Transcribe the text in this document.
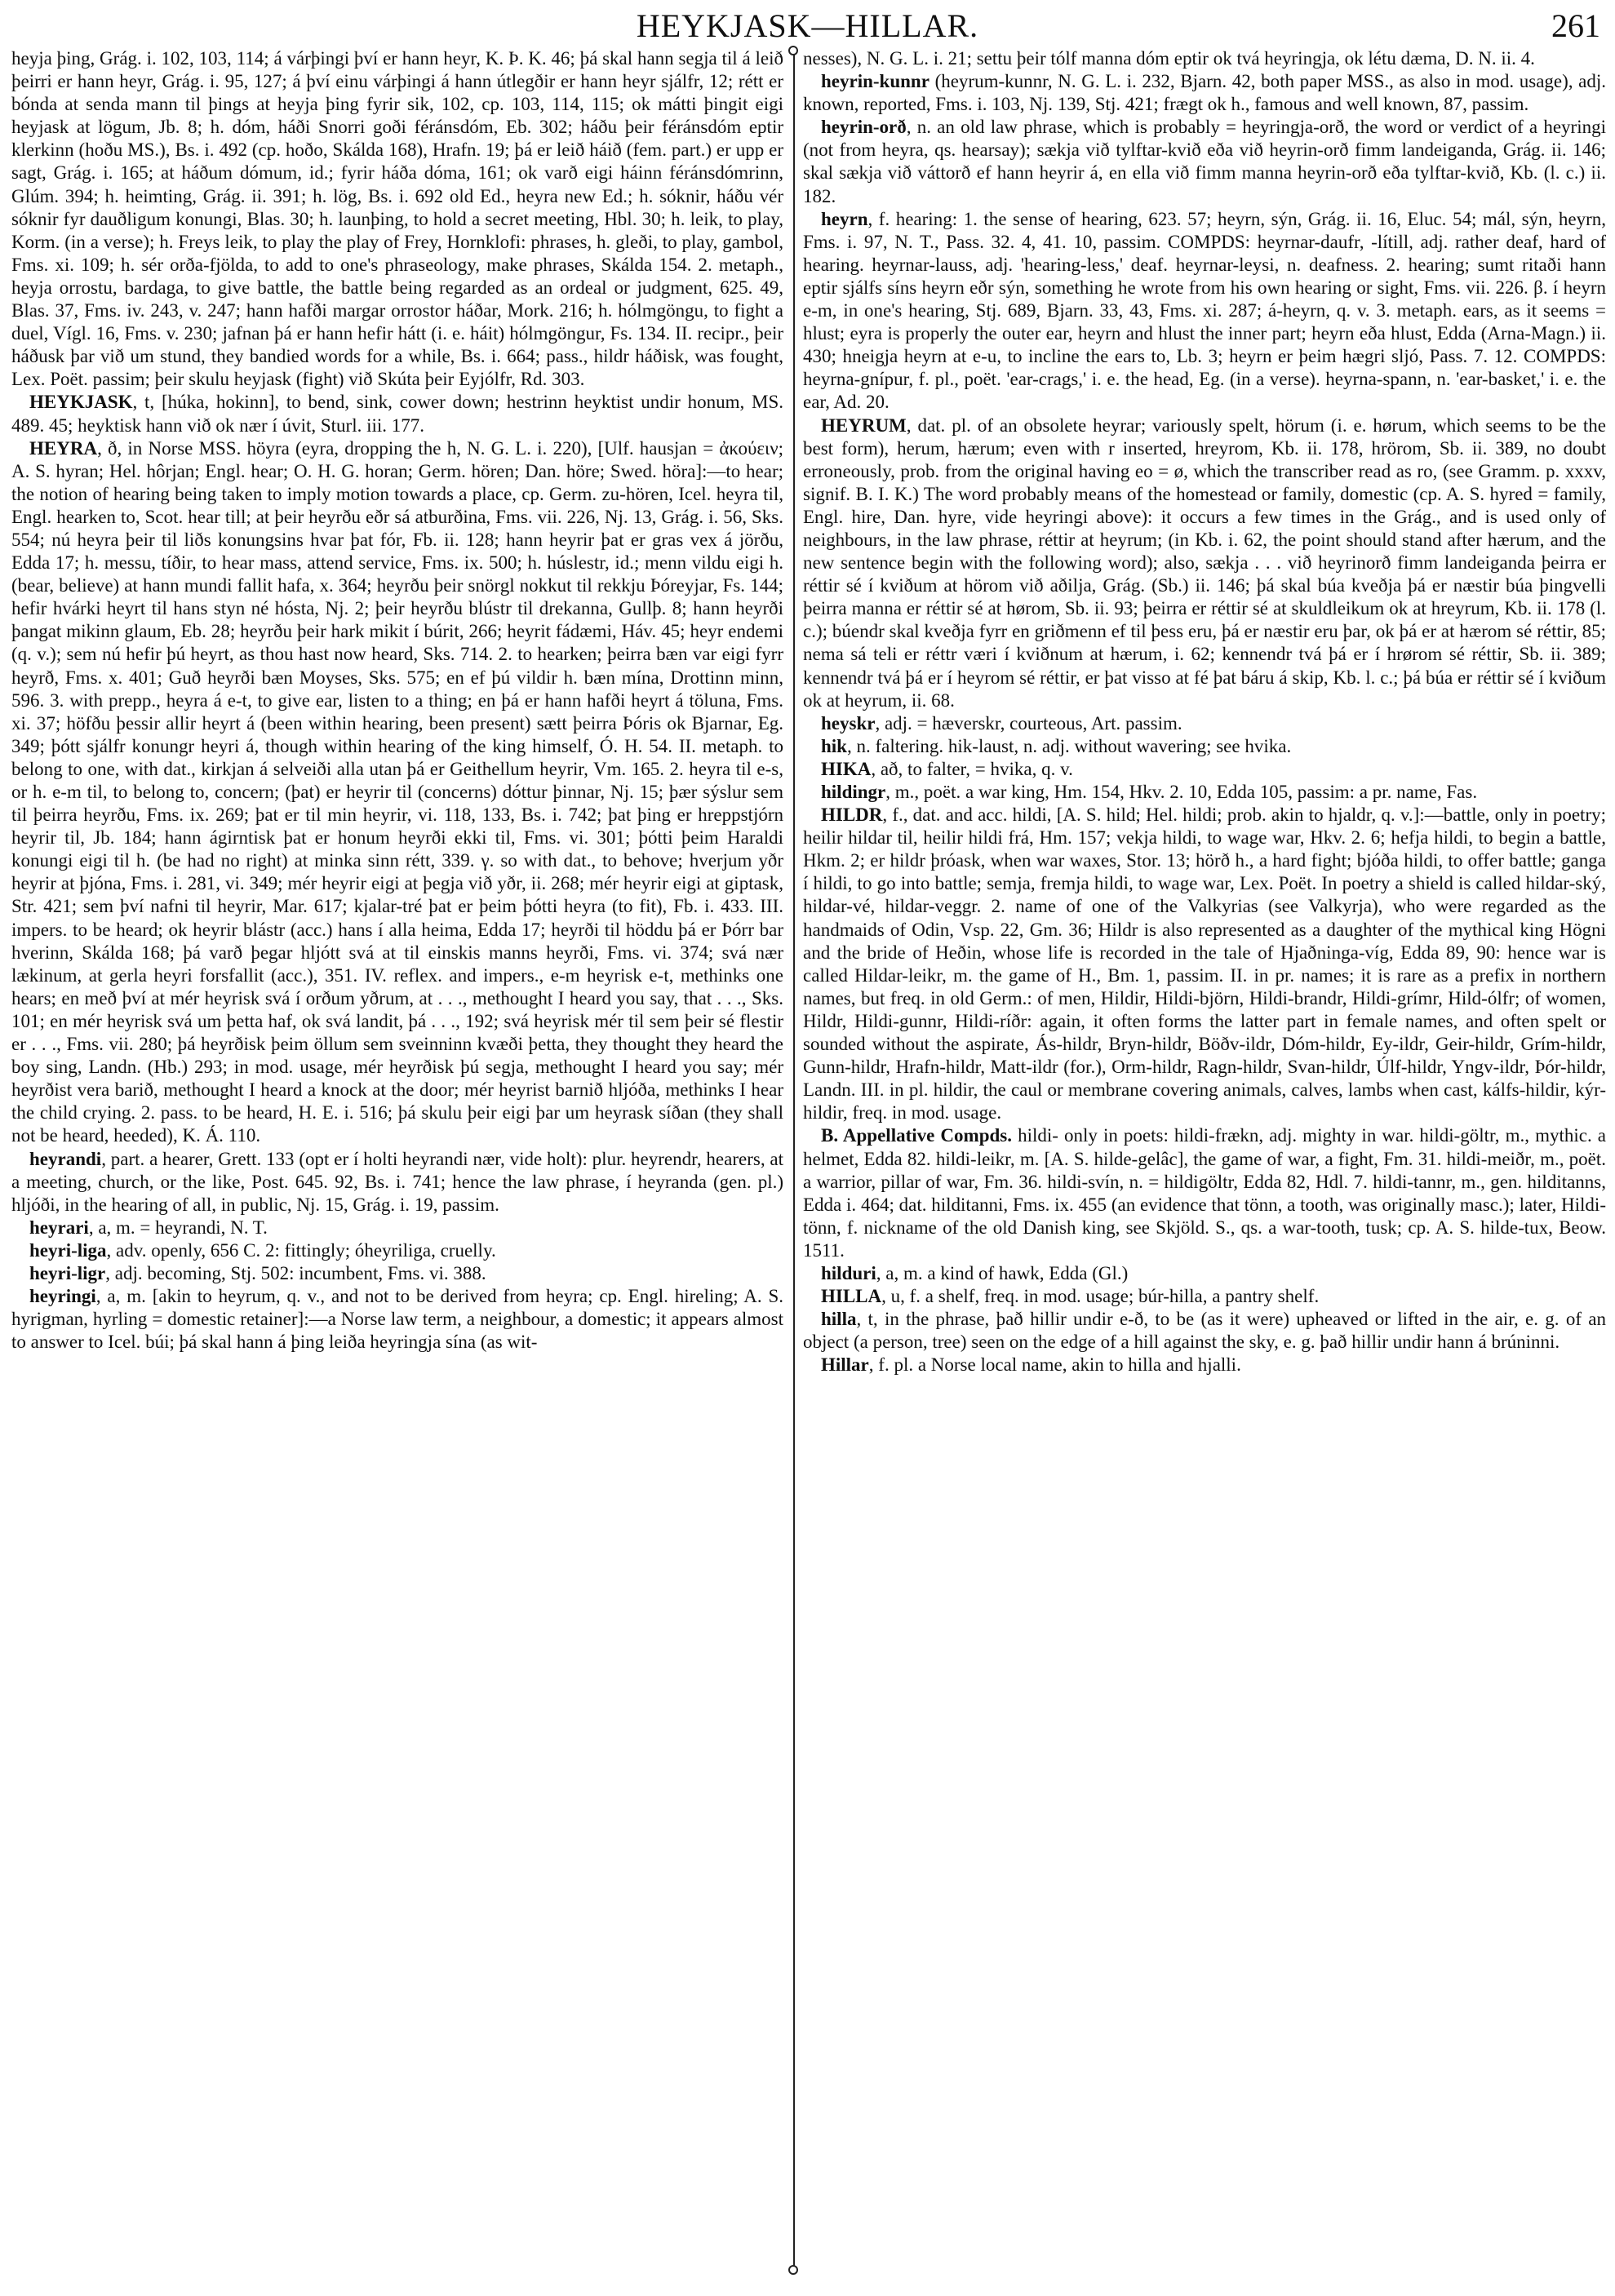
HEYKJASK—HILLAR.	261

heyja þing, Grág. i. 102, 103, 114; á várþingi því er hann heyr, K. Þ. K. 46; þá skal hann segja til á leið þeirri er hann heyr, Grág. i. 95, 127; á því einu várþingi á hann útlegðir er hann heyr sjálfr, 12; rétt er bónda at senda mann til þings at heyja þing fyrir sik, 102, cp. 103, 114, 115; ok mátti þingit eigi heyjask at lögum, Jb. 8; h. dóm, háði Snorri goði féránsdóm, Eb. 302; háðu þeir féránsdóm eptir klerkinn (hoðu MS.), Bs. i. 492 (cp. hoðo, Skálda 168), Hrafn. 19; þá er leið háið (fem. part.) er upp er sagt, Grág. i. 165; at háðum dómum, id.; fyrir háða dóma, 161; ok varð eigi háinn féránsdómrinn, Glúm. 394; h. heimting, Grág. ii. 391; h. lög, Bs. i. 692 old Ed., heyra new Ed.; h. sóknir, háðu vér sóknir fyr dauðligum konungi, Blas. 30; h. launþing, to hold a secret meeting, Hbl. 30; h. leik, to play, Korm. (in a verse); h. Freys leik, to play the play of Frey, Hornklofi: phrases, h. gleði, to play, gambol, Fms. xi. 109; h. sér orða-fjölda, to add to one's phraseology, make phrases, Skálda 154. 2. metaph., heyja orrostu, bardaga, to give battle, the battle being regarded as an ordeal or judgment, 625. 49, Blas. 37, Fms. iv. 243, v. 247; hann hafði margar orrostor háðar, Mork. 216; h. hólmgöngu, to fight a duel, Vígl. 16, Fms. v. 230; jafnan þá er hann hefir hátt (i. e. háit) hólmgöngur, Fs. 134. II. recipr., þeir háðusk þar við um stund, they bandied words for a while, Bs. i. 664; pass., hildr háðisk, was fought, Lex. Poët. passim; þeir skulu heyjask (fight) við Skúta þeir Eyjólfr, Rd. 303.

HEYKJASK, t, [húka, hokinn], to bend, sink, cower down; hestrinn heyktist undir honum, MS. 489. 45; heyktisk hann við ok nær í úvit, Sturl. iii. 177.

HEYRA, ð, in Norse MSS. höyra (eyra, dropping the h, N. G. L. i. 220), [Ulf. hausjan = ἀκούειν; A. S. hyran; Hel. hôrjan; Engl. hear; O. H. G. horan; Germ. hören; Dan. höre; Swed. höra]:—to hear; the notion of hearing being taken to imply motion towards a place, cp. Germ. zu-hören, Icel. heyra til, Engl. hearken to, Scot. hear till; at þeir heyrðu eðr sá atburðina, Fms. vii. 226, Nj. 13, Grág. i. 56, Sks. 554; nú heyra þeir til liðs konungsins hvar þat fór, Fb. ii. 128; hann heyrir þat er gras vex á jörðu, Edda 17; h. messu, tíðir, to hear mass, attend service, Fms. ix. 500; h. húslestr, id.; menn vildu eigi h. (bear, believe) at hann mundi fallit hafa, x. 364; heyrðu þeir snörgl nokkut til rekkju Þóreyjar, Fs. 144; hefir hvárki heyrt til hans styn né hósta, Nj. 2; þeir heyrðu blústr til drekanna, Gullþ. 8; hann heyrði þangat mikinn glaum, Eb. 28; heyrðu þeir hark mikit í búrit, 266; heyrit fádæmi, Háv. 45; heyr endemi (q. v.); sem nú hefir þú heyrt, as thou hast now heard, Sks. 714. 2. to hearken; þeirra bæn var eigi fyrr heyrð, Fms. x. 401; Guð heyrði bæn Moyses, Sks. 575; en ef þú vildir h. bæn mína, Drottinn minn, 596. 3. with prepp., heyra á e-t, to give ear, listen to a thing; en þá er hann hafði heyrt á töluna, Fms. xi. 37; höfðu þessir allir heyrt á (been within hearing, been present) sætt þeirra Þóris ok Bjarnar, Eg. 349; þótt sjálfr konungr heyri á, though within hearing of the king himself, Ó. H. 54. II. metaph. to belong to one, with dat., kirkjan á selveiði alla utan þá er Geithellum heyrir, Vm. 165. 2. heyra til e-s, or h. e-m til, to belong to, concern; (þat) er heyrir til (concerns) dóttur þinnar, Nj. 15; þær sýslur sem til þeirra heyrðu, Fms. ix. 269; þat er til min heyrir, vi. 118, 133, Bs. i. 742; þat þing er hreppstjórn heyrir til, Jb. 184; hann ágirntisk þat er honum heyrði ekki til, Fms. vi. 301; þótti þeim Haraldi konungi eigi til h. (be had no right) at minka sinn rétt, 339. γ. so with dat., to behove; hverjum yðr heyrir at þjóna, Fms. i. 281, vi. 349; mér heyrir eigi at þegja við yðr, ii. 268; mér heyrir eigi at giptask, Str. 421; sem því nafni til heyrir, Mar. 617; kjalar-tré þat er þeim þótti heyra (to fit), Fb. i. 433. III. impers. to be heard; ok heyrir blástr (acc.) hans í alla heima, Edda 17; heyrði til höddu þá er Þórr bar hverinn, Skálda 168; þá varð þegar hljótt svá at til einskis manns heyrði, Fms. vi. 374; svá nær lækinum, at gerla heyri forsfallit (acc.), 351. IV. reflex. and impers., e-m heyrisk e-t, methinks one hears; en með því at mér heyrisk svá í orðum yðrum, at . . ., methought I heard you say, that . . ., Sks. 101; en mér heyrisk svá um þetta haf, ok svá landit, þá . . ., 192; svá heyrisk mér til sem þeir sé flestir er . . ., Fms. vii. 280; þá heyrðisk þeim öllum sem sveinninn kvæði þetta, they thought they heard the boy sing, Landn. (Hb.) 293; in mod. usage, mér heyrðisk þú segja, methought I heard you say; mér heyrðist vera barið, methought I heard a knock at the door; mér heyrist barnið hljóða, methinks I hear the child crying. 2. pass. to be heard, H. E. i. 516; þá skulu þeir eigi þar um heyrask síðan (they shall not be heard, heeded), K. Á. 110.

heyrandi, part. a hearer, Grett. 133 (opt er í holti heyrandi nær, vide holt): plur. heyrendr, hearers, at a meeting, church, or the like, Post. 645. 92, Bs. i. 741; hence the law phrase, í heyranda (gen. pl.) hljóði, in the hearing of all, in public, Nj. 15, Grág. i. 19, passim.

heyrari, a, m. = heyrandi, N. T.

heyri-liga, adv. openly, 656 C. 2: fittingly; óheyriliga, cruelly.

heyri-ligr, adj. becoming, Stj. 502: incumbent, Fms. vi. 388.

heyringi, a, m. [akin to heyrum, q. v., and not to be derived from heyra; cp. Engl. hireling; A. S. hyrigman, hyrling = domestic retainer]:—a Norse law term, a neighbour, a domestic; it appears almost to answer to Icel. búi; þá skal hann á þing leiða heyringja sína (as wit-

nesses), N. G. L. i. 21; settu þeir tólf manna dóm eptir ok tvá heyringja, ok létu dæma, D. N. ii. 4.

heyrin-kunnr (heyrum-kunnr, N. G. L. i. 232, Bjarn. 42, both paper MSS., as also in mod. usage), adj. known, reported, Fms. i. 103, Nj. 139, Stj. 421; frægt ok h., famous and well known, 87, passim.

heyrin-orð, n. an old law phrase, which is probably = heyringja-orð, the word or verdict of a heyringi (not from heyra, qs. hearsay); sækja við tylftar-kvið eða við heyrin-orð fimm landeiganda, Grág. ii. 146; skal sækja við váttorð ef hann heyrir á, en ella við fimm manna heyrin-orð eða tylftar-kvið, Kb. (l. c.) ii. 182.

heyrn, f. hearing: 1. the sense of hearing, 623. 57; heyrn, sýn, Grág. ii. 16, Eluc. 54; mál, sýn, heyrn, Fms. i. 97, N. T., Pass. 32. 4, 41. 10, passim. COMPDS: heyrnar-daufr, -lítill, adj. rather deaf, hard of hearing. heyrnar-lauss, adj. 'hearing-less,' deaf. heyrnar-leysi, n. deafness. 2. hearing; sumt ritaði hann eptir sjálfs síns heyrn eðr sýn, something he wrote from his own hearing or sight, Fms. vii. 226. β. í heyrn e-m, in one's hearing, Stj. 689, Bjarn. 33, 43, Fms. xi. 287; á-heyrn, q. v. 3. metaph. ears, as it seems = hlust; eyra is properly the outer ear, heyrn and hlust the inner part; heyrn eða hlust, Edda (Arna-Magn.) ii. 430; hneigja heyrn at e-u, to incline the ears to, Lb. 3; heyrn er þeim hægri sljó, Pass. 7. 12. COMPDS: heyrna-gnípur, f. pl., poët. 'ear-crags,' i. e. the head, Eg. (in a verse). heyrna-spann, n. 'ear-basket,' i. e. the ear, Ad. 20.

HEYRUM, dat. pl. of an obsolete heyrar; variously spelt, hörum (i. e. hørum, which seems to be the best form), herum, hærum; even with r inserted, hreyrom, Kb. ii. 178, hrörom, Sb. ii. 389, no doubt erroneously, prob. from the original having eo = ø, which the transcriber read as ro, (see Gramm. p. xxxv, signif. B. I. K.) The word probably means of the homestead or family, domestic (cp. A. S. hyred = family, Engl. hire, Dan. hyre, vide heyringi above): it occurs a few times in the Grág., and is used only of neighbours, in the law phrase, réttir at heyrum; (in Kb. i. 62, the point should stand after hærum, and the new sentence begin with the following word); also, sækja . . . við heyrinorð fimm landeiganda þeirra er réttir sé í kviðum at hörom við aðilja, Grág. (Sb.) ii. 146; þá skal búa kveðja þá er næstir búa þingvelli þeirra manna er réttir sé at hørom, Sb. ii. 93; þeirra er réttir sé at skuldleikum ok at hreyrum, Kb. ii. 178 (l. c.); búendr skal kveðja fyrr en griðmenn ef til þess eru, þá er næstir eru þar, ok þá er at hærom sé réttir, 85; nema sá teli er réttr væri í kviðnum at hærum, i. 62; kennendr tvá þá er í hrørom sé réttir, Sb. ii. 389; kennendr tvá þá er í heyrom sé réttir, er þat visso at fé þat báru á skip, Kb. l. c.; þá búa er réttir sé í kviðum ok at heyrum, ii. 68.

heyskr, adj. = hæverskr, courteous, Art. passim.

hik, n. faltering. hik-laust, n. adj. without wavering; see hvika.

HIKA, að, to falter, = hvika, q. v.

hildingr, m., poët. a war king, Hm. 154, Hkv. 2. 10, Edda 105, passim: a pr. name, Fas.

HILDR, f., dat. and acc. hildi, [A. S. hild; Hel. hildi; prob. akin to hjaldr, q. v.]:—battle, only in poetry; heilir hildar til, heilir hildi frá, Hm. 157; vekja hildi, to wage war, Hkv. 2. 6; hefja hildi, to begin a battle, Hkm. 2; er hildr þróask, when war waxes, Stor. 13; hörð h., a hard fight; bjóða hildi, to offer battle; ganga í hildi, to go into battle; semja, fremja hildi, to wage war, Lex. Poët. In poetry a shield is called hildar-ský, hildar-vé, hildar-veggr. 2. name of one of the Valkyrias (see Valkyrja), who were regarded as the handmaids of Odin, Vsp. 22, Gm. 36; Hildr is also represented as a daughter of the mythical king Högni and the bride of Heðin, whose life is recorded in the tale of Hjaðninga-víg, Edda 89, 90: hence war is called Hildar-leikr, m. the game of H., Bm. 1, passim. II. in pr. names; it is rare as a prefix in northern names, but freq. in old Germ.: of men, Hildir, Hildi-björn, Hildi-brandr, Hildi-grímr, Hild-ólfr; of women, Hildr, Hildi-gunnr, Hildi-ríðr: again, it often forms the latter part in female names, and often spelt or sounded without the aspirate, Ás-hildr, Bryn-hildr, Böðv-ildr, Dóm-hildr, Ey-ildr, Geir-hildr, Grím-hildr, Gunn-hildr, Hrafn-hildr, Matt-ildr (for.), Orm-hildr, Ragn-hildr, Svan-hildr, Úlf-hildr, Yngv-ildr, Þór-hildr, Landn. III. in pl. hildir, the caul or membrane covering animals, calves, lambs when cast, kálfs-hildir, kýr-hildir, freq. in mod. usage.

B. Appellative Compds. hildi- only in poets: hildi-frækn, adj. mighty in war. hildi-göltr, m., mythic. a helmet, Edda 82. hildi-leikr, m. [A. S. hilde-gelâc], the game of war, a fight, Fm. 31. hildi-meiðr, m., poët. a warrior, pillar of war, Fm. 36. hildi-svín, n. = hildigöltr, Edda 82, Hdl. 7. hildi-tannr, m., gen. hilditanns, Edda i. 464; dat. hilditanni, Fms. ix. 455 (an evidence that tönn, a tooth, was originally masc.); later, Hildi-tönn, f. nickname of the old Danish king, see Skjöld. S., qs. a war-tooth, tusk; cp. A. S. hilde-tux, Beow. 1511.

hilduri, a, m. a kind of hawk, Edda (Gl.)

HILLA, u, f. a shelf, freq. in mod. usage; búr-hilla, a pantry shelf.

hilla, t, in the phrase, það hillir undir e-ð, to be (as it were) upheaved or lifted in the air, e. g. of an object (a person, tree) seen on the edge of a hill against the sky, e. g. það hillir undir hann á brúninni.

Hillar, f. pl. a Norse local name, akin to hilla and hjalli.
